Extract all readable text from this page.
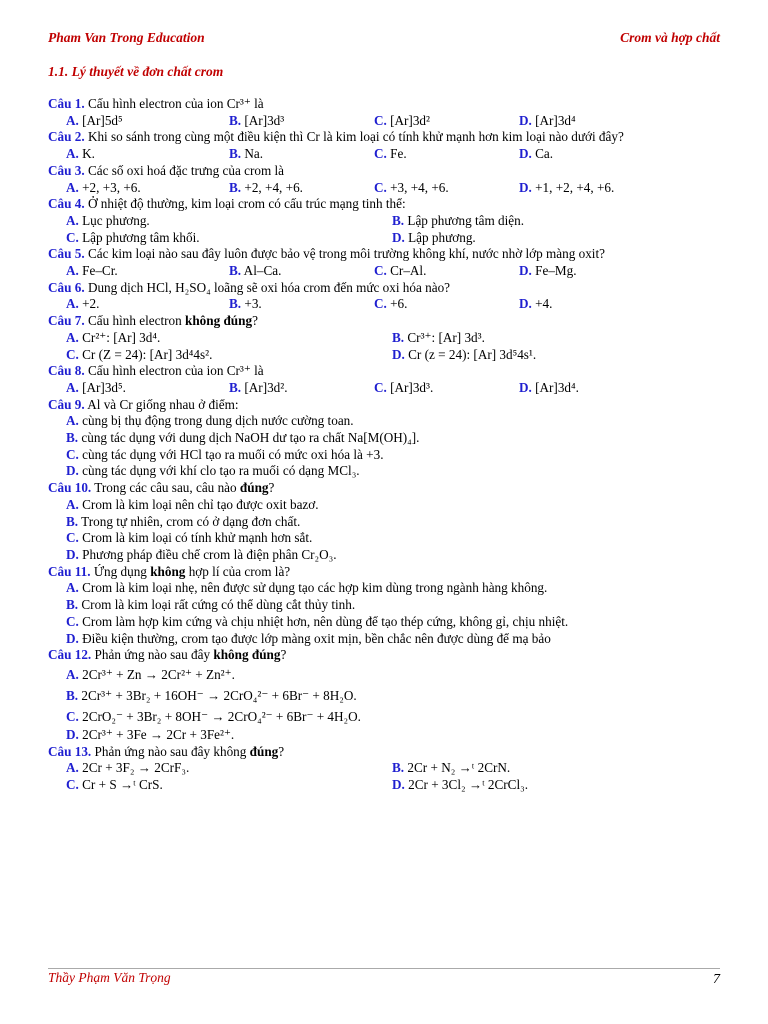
Pham Van Trong Education	Crom và hợp chất
1.1. Lý thuyết về đơn chất crom
Câu 1. Cấu hình electron của ion Cr³⁺ là
A. [Ar]5d⁵	B. [Ar]3d³	C. [Ar]3d²	D. [Ar]3d⁴
Câu 2. Khi so sánh trong cùng một điều kiện thì Cr là kim loại có tính khử mạnh hơn kim loại nào dưới đây?
A. K.	B. Na.	C. Fe.	D. Ca.
Câu 3. Các số oxi hoá đặc trưng của crom là
A. +2, +3, +6.	B. +2, +4, +6.	C. +3, +4, +6.	D. +1, +2, +4, +6.
Câu 4. Ở nhiệt độ thường, kim loại crom có cấu trúc mạng tinh thể:
A. Lục phương.	B. Lập phương tâm diện.
C. Lập phương tâm khối.	D. Lập phương.
Câu 5. Các kim loại nào sau đây luôn được bảo vệ trong môi trường không khí, nước nhờ lớp màng oxit?
A. Fe–Cr.	B. Al–Ca.	C. Cr–Al.	D. Fe–Mg.
Câu 6. Dung dịch HCl, H₂SO₄ loãng sẽ oxi hóa crom đến mức oxi hóa nào?
A. +2.	B. +3.	C. +6.	D. +4.
Câu 7. Cấu hình electron không đúng?
A. Cr²⁺: [Ar] 3d⁴.	B. Cr³⁺: [Ar] 3d³.
C. Cr (Z = 24): [Ar] 3d⁴4s².	D. Cr (z = 24): [Ar] 3d⁵4s¹.
Câu 8. Cấu hình electron của ion Cr³⁺ là
A. [Ar]3d⁵.	B. [Ar]3d².	C. [Ar]3d³.	D. [Ar]3d⁴.
Câu 9. Al và Cr giống nhau ở điểm:
A. cùng bị thụ động trong dung dịch nước cường toan.
B. cùng tác dụng với dung dịch NaOH dư tạo ra chất Na[M(OH)₄].
C. cùng tác dụng với HCl tạo ra muối có mức oxi hóa là +3.
D. cùng tác dụng với khí clo tạo ra muối có dạng MCl₃.
Câu 10. Trong các câu sau, câu nào đúng?
A. Crom là kim loại nên chỉ tạo được oxit bazơ.
B. Trong tự nhiên, crom có ở dạng đơn chất.
C. Crom là kim loại có tính khử mạnh hơn sắt.
D. Phương pháp điều chế crom là điện phân Cr₂O₃.
Câu 11. Ứng dụng không hợp lí của crom là?
A. Crom là kim loại nhẹ, nên được sử dụng tạo các hợp kim dùng trong ngành hàng không.
B. Crom là kim loại rất cứng có thể dùng cắt thủy tinh.
C. Crom làm hợp kim cứng và chịu nhiệt hơn, nên dùng để tạo thép cứng, không gỉ, chịu nhiệt.
D. Điều kiện thường, crom tạo được lớp màng oxit mịn, bền chắc nên được dùng để mạ bảo
Câu 12. Phản ứng nào sau đây không đúng?
A. 2Cr³⁺ + Zn → 2Cr²⁺ + Zn²⁺.
B. 2Cr³⁺ + 3Br₂ + 16OH⁻ → 2CrO₄²⁻ + 6Br⁻ + 8H₂O.
C. 2CrO₂⁻ + 3Br₂ + 8OH⁻ → 2CrO₄²⁻ + 6Br⁻ + 4H₂O.
D. 2Cr³⁺ + 3Fe → 2Cr + 3Fe²⁺.
Câu 13. Phản ứng nào sau đây không đúng?
A. 2Cr + 3F₂ → 2CrF₃.	B. 2Cr + N₂ →ᵗ 2CrN.
C. Cr + S →ᵗ CrS.	D. 2Cr + 3Cl₂ →ᵗ 2CrCl₃.
Thầy Phạm Văn Trọng	7
